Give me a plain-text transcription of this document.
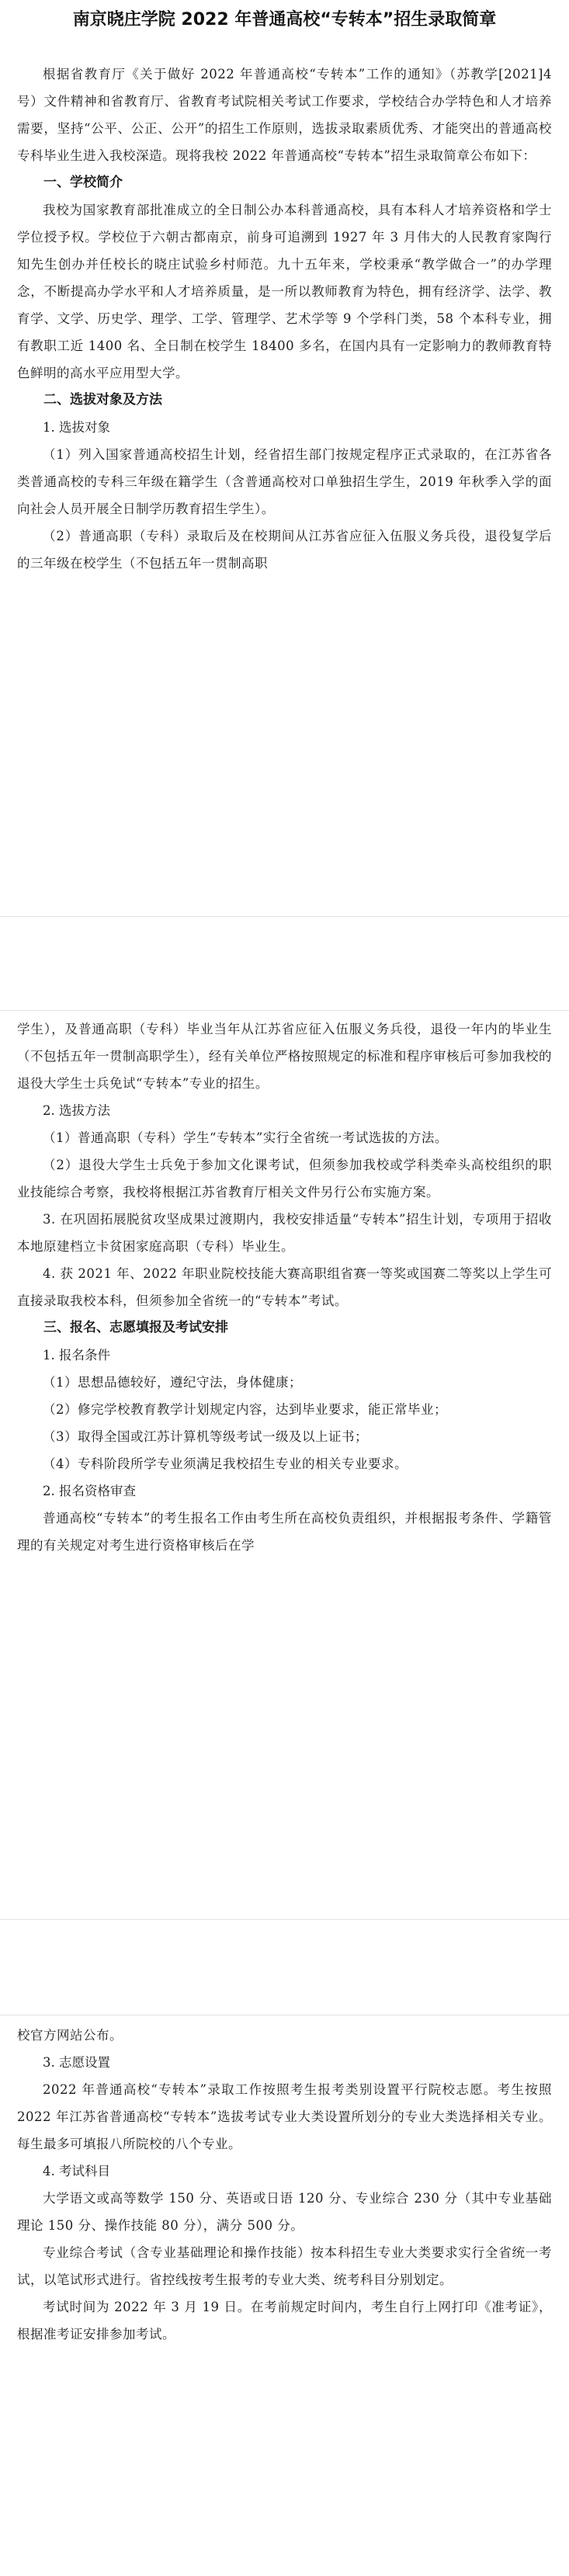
南京晓庄学院 2022 年普通高校“专转本”招生录取简章

根据省教育厅《关于做好 2022 年普通高校“专转本”工作的通知》（苏教学[2021]4 号）文件精神和省教育厅、省教育考试院相关考试工作要求，学校结合办学特色和人才培养需要，坚持“公平、公正、公开”的招生工作原则，选拔录取素质优秀、才能突出的普通高校专科毕业生进入我校深造。现将我校 2022 年普通高校“专转本”招生录取简章公布如下：

一、学校简介

我校为国家教育部批准成立的全日制公办本科普通高校，具有本科人才培养资格和学士学位授予权。学校位于六朝古都南京，前身可追溯到 1927 年 3 月伟大的人民教育家陶行知先生创办并任校长的晓庄试验乡村师范。九十五年来，学校秉承“教学做合一”的办学理念，不断提高办学水平和人才培养质量，是一所以教师教育为特色，拥有经济学、法学、教育学、文学、历史学、理学、工学、管理学、艺术学等 9 个学科门类，58 个本科专业，拥有教职工近 1400 名、全日制在校学生 18400 多名，在国内具有一定影响力的教师教育特色鲜明的高水平应用型大学。

二、选拔对象及方法

1. 选拔对象

（1）列入国家普通高校招生计划，经省招生部门按规定程序正式录取的，在江苏省各类普通高校的专科三年级在籍学生（含普通高校对口单独招生学生，2019 年秋季入学的面向社会人员开展全日制学历教育招生学生）。

（2）普通高职（专科）录取后及在校期间从江苏省应征入伍服义务兵役，退役复学后的三年级在校学生（不包括五年一贯制高职

学生），及普通高职（专科）毕业当年从江苏省应征入伍服义务兵役，退役一年内的毕业生（不包括五年一贯制高职学生），经有关单位严格按照规定的标准和程序审核后可参加我校的退役大学生士兵免试“专转本”专业的招生。

2. 选拔方法

（1）普通高职（专科）学生“专转本”实行全省统一考试选拔的方法。

（2）退役大学生士兵免于参加文化课考试，但须参加我校或学科类牵头高校组织的职业技能综合考察，我校将根据江苏省教育厅相关文件另行公布实施方案。

3. 在巩固拓展脱贫攻坚成果过渡期内，我校安排适量“专转本”招生计划，专项用于招收本地原建档立卡贫困家庭高职（专科）毕业生。

4. 获 2021 年、2022 年职业院校技能大赛高职组省赛一等奖或国赛二等奖以上学生可直接录取我校本科，但须参加全省统一的“专转本”考试。

三、报名、志愿填报及考试安排

1. 报名条件

（1）思想品德较好，遵纪守法，身体健康；

（2）修完学校教育教学计划规定内容，达到毕业要求，能正常毕业；

（3）取得全国或江苏计算机等级考试一级及以上证书；

（4）专科阶段所学专业须满足我校招生专业的相关专业要求。

2. 报名资格审查

普通高校“专转本”的考生报名工作由考生所在高校负责组织，并根据报考条件、学籍管理的有关规定对考生进行资格审核后在学

校官方网站公布。

3. 志愿设置

2022 年普通高校“专转本”录取工作按照考生报考类别设置平行院校志愿。考生按照 2022 年江苏省普通高校“专转本”选拔考试专业大类设置所划分的专业大类选择相关专业。每生最多可填报八所院校的八个专业。

4. 考试科目

大学语文或高等数学 150 分、英语或日语 120 分、专业综合 230 分（其中专业基础理论 150 分、操作技能 80 分），满分 500 分。

专业综合考试（含专业基础理论和操作技能）按本科招生专业大类要求实行全省统一考试，以笔试形式进行。省控线按考生报考的专业大类、统考科目分别划定。

考试时间为 2022 年 3 月 19 日。在考前规定时间内，考生自行上网打印《准考证》，根据准考证安排参加考试。
